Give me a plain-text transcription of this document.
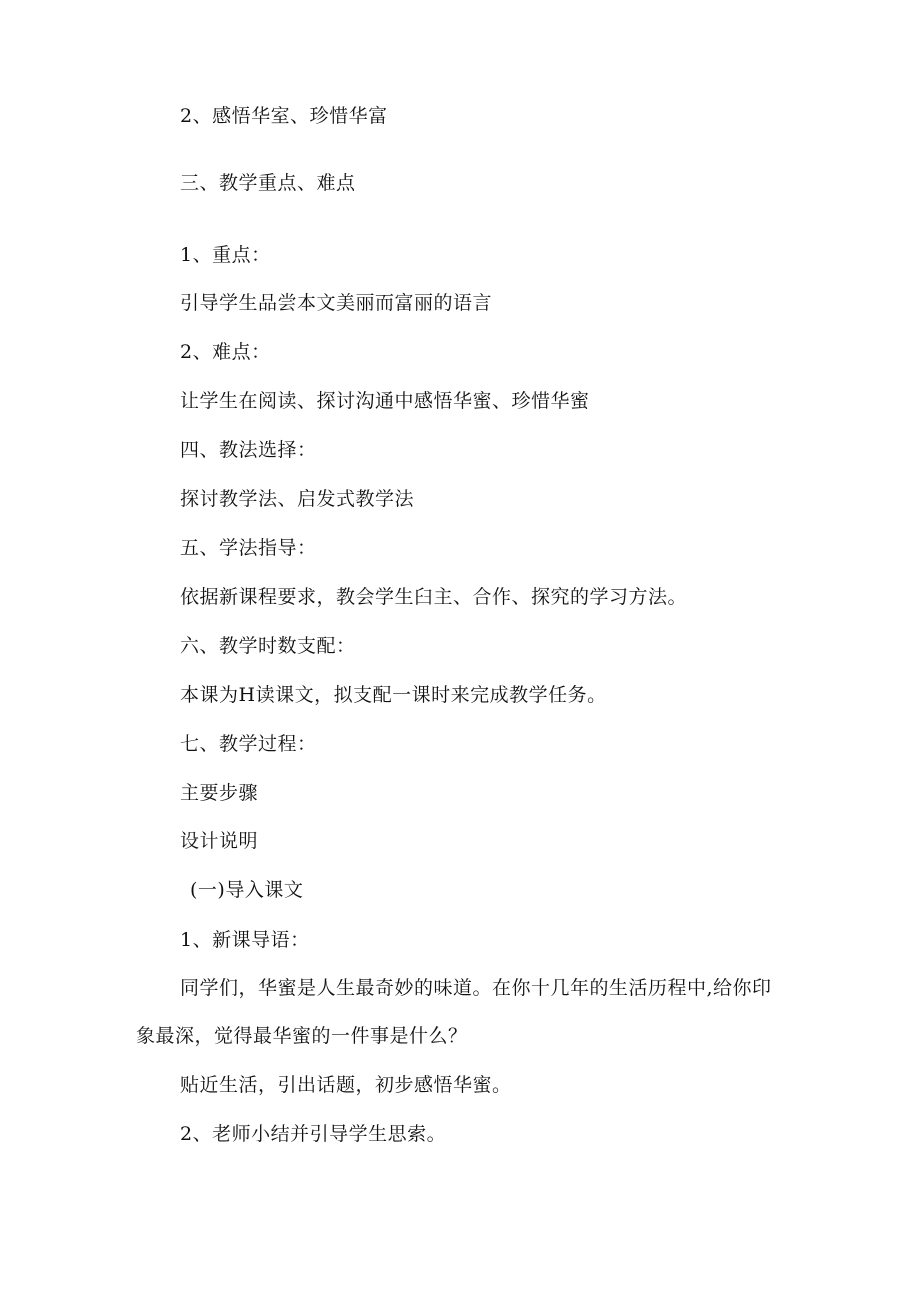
2、感悟华室、珍惜华富
三、教学重点、难点
1、重点：
引导学生品尝本文美丽而富丽的语言
2、难点：
让学生在阅读、探讨沟通中感悟华蜜、珍惜华蜜
四、教法选择：
探讨教学法、启发式教学法
五、学法指导：
依据新课程要求，教会学生臼主、合作、探究的学习方法。
六、教学时数支配：
本课为H读课文，拟支配一课时来完成教学任务。
七、教学过程：
主要步骤
设计说明
(一)导入课文
1、新课导语：
同学们，华蜜是人生最奇妙的味道。在你十几年的生活历程中,给你印象最深，觉得最华蜜的一件事是什么？
贴近生活，引出话题，初步感悟华蜜。
2、老师小结并引导学生思索。
